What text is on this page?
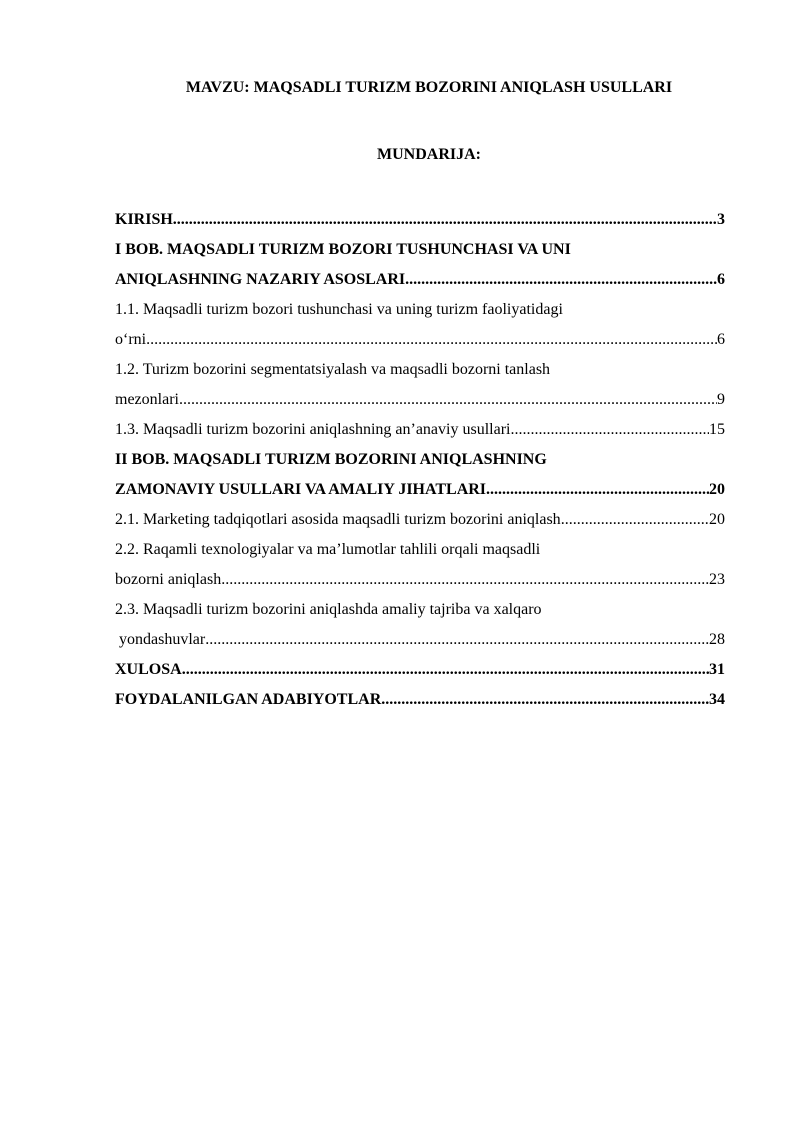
MAVZU: MAQSADLI TURIZM BOZORINI ANIQLASH USULLARI
MUNDARIJA:
KIRISH .....	3
I BOB. MAQSADLI TURIZM BOZORI TUSHUNCHASI VA UNI
ANIQLASHNING NAZARIY ASOSLARI .....	6
1.1. Maqsadli turizm bozori tushunchasi va uning turizm faoliyatidagi
o‘rni .....	6
1.2. Turizm bozorini segmentatsiyalash va maqsadli bozorni tanlash
mezonlari .....	9
1.3. Maqsadli turizm bozorini aniqlashning an’anaviy usullari .....	15
II BOB. MAQSADLI TURIZM BOZORINI ANIQLASHNING
ZAMONAVIY USULLARI VA AMALIY JIHATLARI .....	20
2.1. Marketing tadqiqotlari asosida maqsadli turizm bozorini aniqlash .....	20
2.2. Raqamli texnologiyalar va ma’lumotlar tahlili orqali maqsadli
bozorni aniqlash .....	23
2.3. Maqsadli turizm bozorini aniqlashda amaliy tajriba va xalqaro
yondashuvlar .....	28
XULOSA .....	31
FOYDALANILGAN ADABIYOTLAR .....	34
